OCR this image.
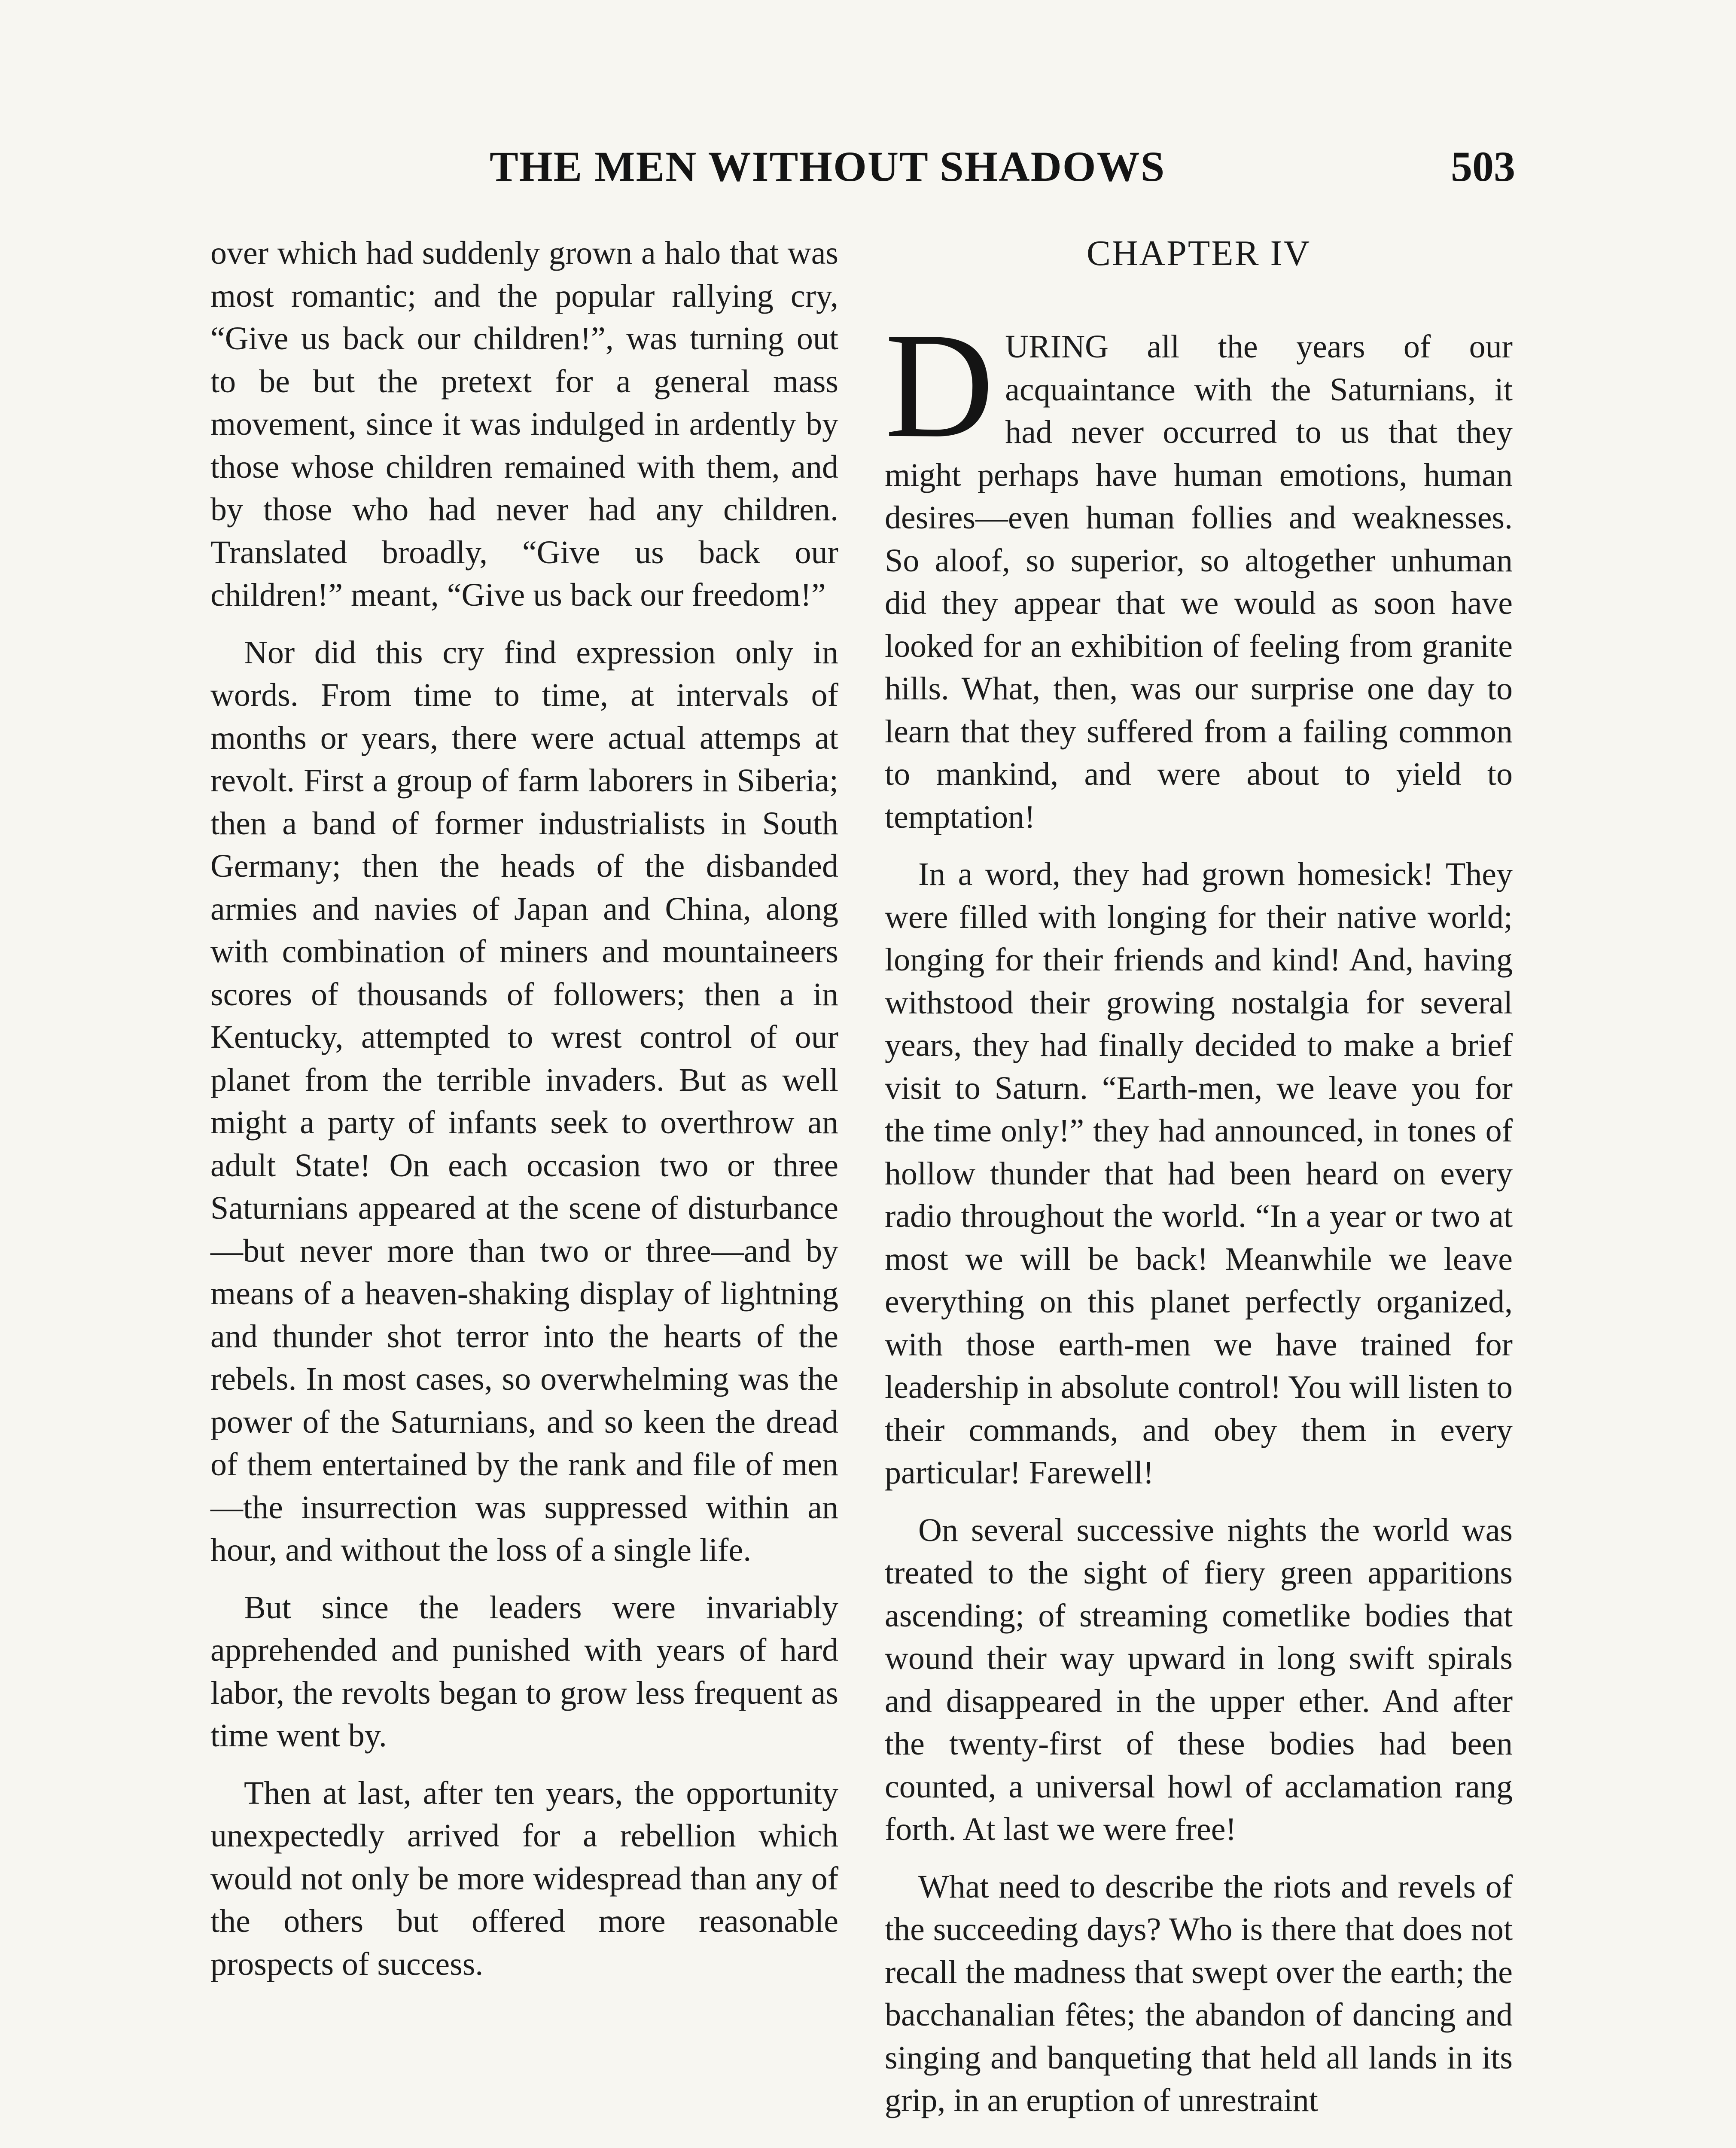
THE MEN WITHOUT SHADOWS	503

over which had suddenly grown a halo that was most romantic; and the popular rallying cry, “Give us back our children!”, was turning out to be but the pretext for a general mass movement, since it was indulged in ardently by those whose children remained with them, and by those who had never had any children. Translated broadly, “Give us back our children!” meant, “Give us back our freedom!”

Nor did this cry find expression only in words. From time to time, at intervals of months or years, there were actual attemps at revolt. First a group of farm laborers in Siberia; then a band of former industrialists in South Germany; then the heads of the disbanded armies and navies of Japan and China, along with combination of miners and mountaineers scores of thousands of followers; then a in Kentucky, attempted to wrest control of our planet from the terrible invaders. But as well might a party of infants seek to overthrow an adult State! On each occasion two or three Saturnians appeared at the scene of disturbance—but never more than two or three—and by means of a heaven-shaking display of lightning and thunder shot terror into the hearts of the rebels. In most cases, so overwhelming was the power of the Saturnians, and so keen the dread of them entertained by the rank and file of men —the insurrection was suppressed within an hour, and without the loss of a single life.

But since the leaders were invariably apprehended and punished with years of hard labor, the revolts began to grow less frequent as time went by.

Then at last, after ten years, the opportunity unexpectedly arrived for a rebellion which would not only be more widespread than any of the others but offered more reasonable prospects of success.

CHAPTER IV

DURING all the years of our acquaintance with the Saturnians, it had never occurred to us that they might perhaps have human emotions, human desires—even human follies and weaknesses. So aloof, so superior, so altogether unhuman did they appear that we would as soon have looked for an exhibition of feeling from granite hills. What, then, was our surprise one day to learn that they suffered from a failing common to mankind, and were about to yield to temptation!

In a word, they had grown homesick! They were filled with longing for their native world; longing for their friends and kind! And, having withstood their growing nostalgia for several years, they had finally decided to make a brief visit to Saturn. “Earth-men, we leave you for the time only!” they had announced, in tones of hollow thunder that had been heard on every radio throughout the world. “In a year or two at most we will be back! Meanwhile we leave everything on this planet perfectly organized, with those earth-men we have trained for leadership in absolute control! You will listen to their commands, and obey them in every particular! Farewell!

On several successive nights the world was treated to the sight of fiery green apparitions ascending; of streaming cometlike bodies that wound their way upward in long swift spirals and disappeared in the upper ether. And after the twenty-first of these bodies had been counted, a universal howl of acclamation rang forth. At last we were free!

What need to describe the riots and revels of the succeeding days? Who is there that does not recall the madness that swept over the earth; the bacchanalian fêtes; the abandon of dancing and singing and banqueting that held all lands in its grip, in an eruption of unrestraint
